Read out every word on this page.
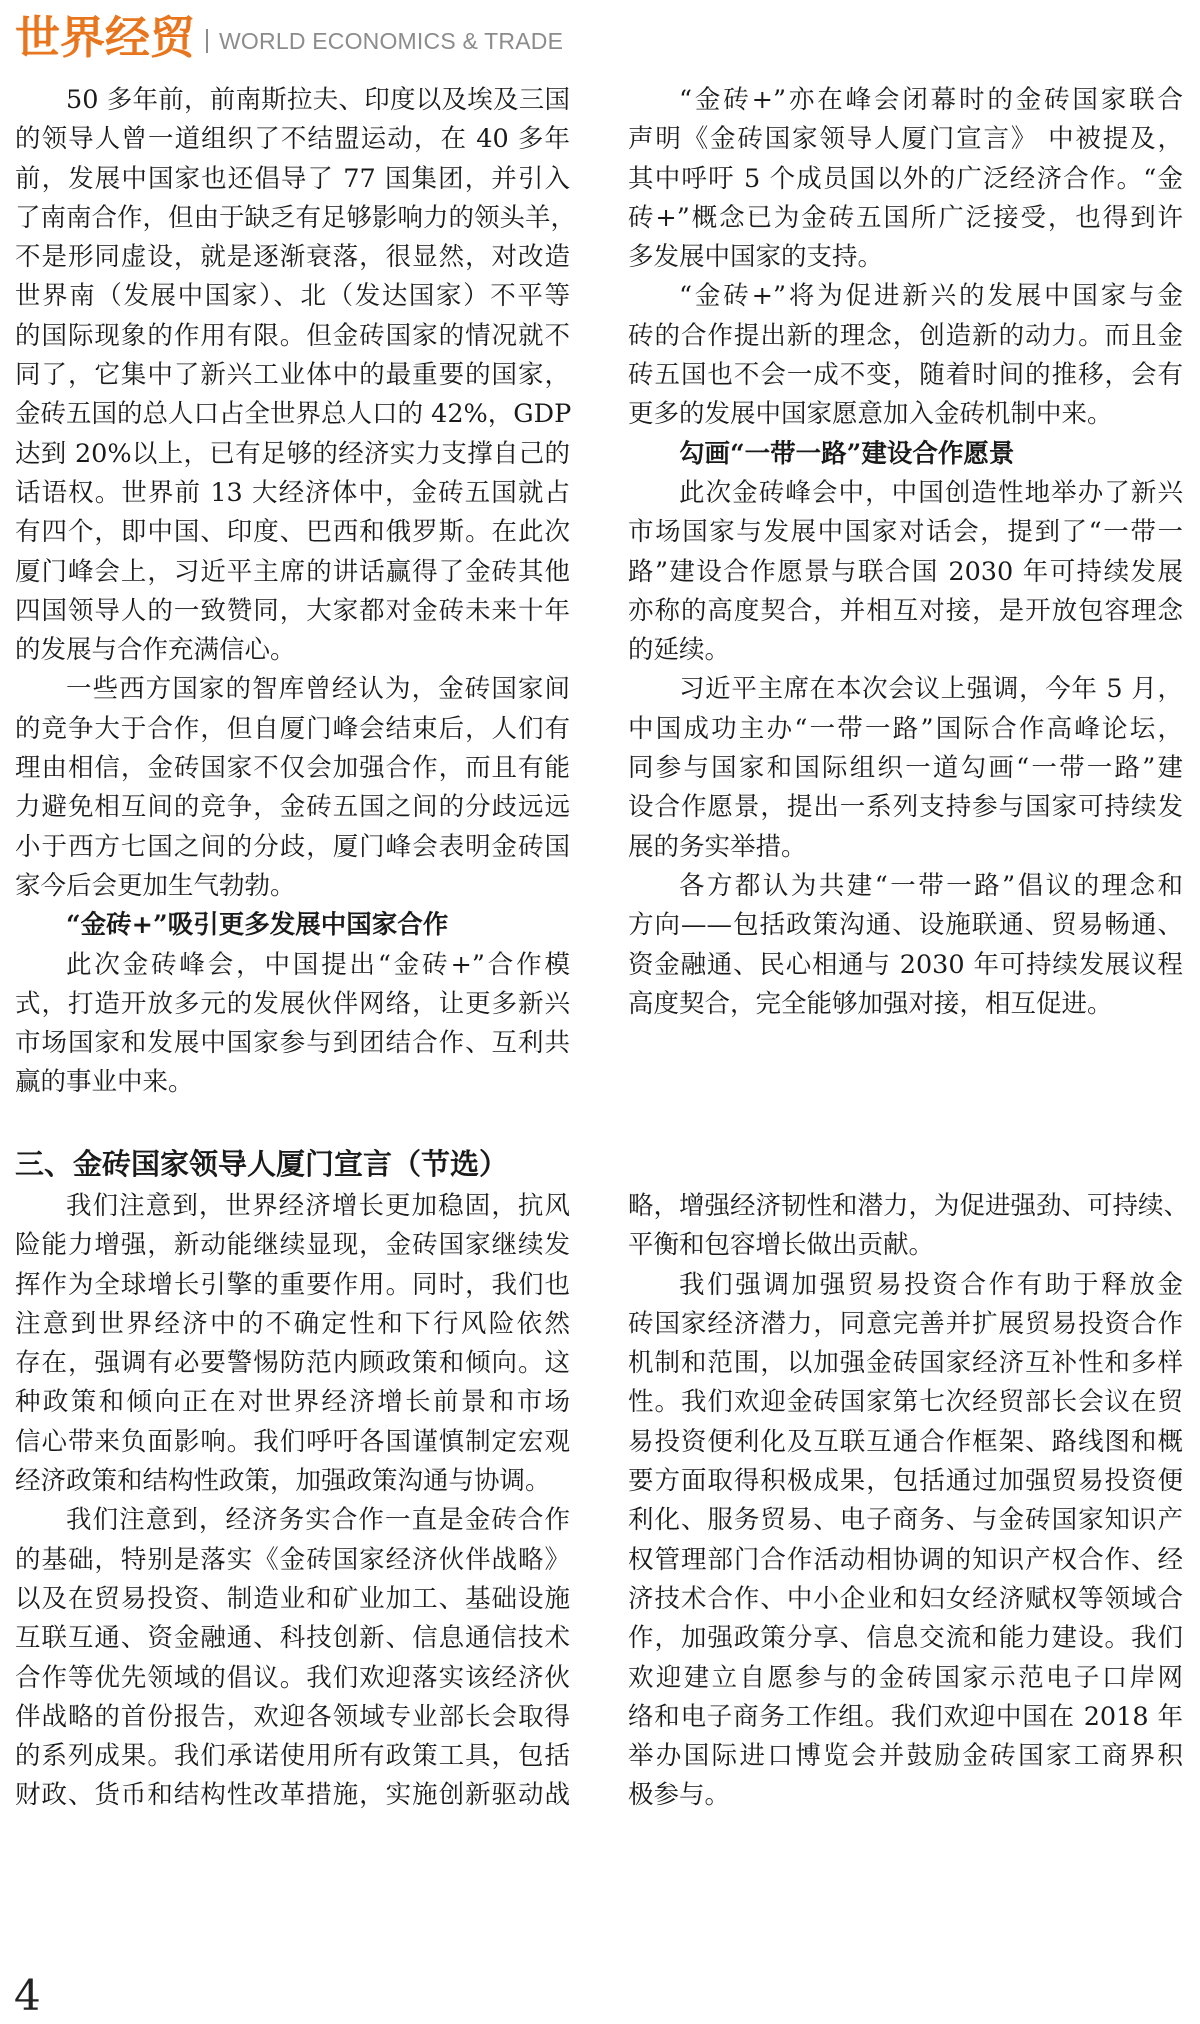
世界经贸 WORLD ECONOMICS & TRADE
50 多年前，前南斯拉夫、印度以及埃及三国
的领导人曾一道组织了不结盟运动，在 40 多年
前，发展中国家也还倡导了 77 国集团，并引入
了南南合作，但由于缺乏有足够影响力的领头羊，
不是形同虚设，就是逐渐衰落，很显然，对改造
世界南（发展中国家）、北（发达国家）不平等
的国际现象的作用有限。但金砖国家的情况就不
同了，它集中了新兴工业体中的最重要的国家，
金砖五国的总人口占全世界总人口的 42%，GDP
达到 20%以上，已有足够的经济实力支撑自己的
话语权。世界前 13 大经济体中，金砖五国就占
有四个，即中国、印度、巴西和俄罗斯。在此次
厦门峰会上，习近平主席的讲话赢得了金砖其他
四国领导人的一致赞同，大家都对金砖未来十年
的发展与合作充满信心。
一些西方国家的智库曾经认为，金砖国家间
的竞争大于合作，但自厦门峰会结束后，人们有
理由相信，金砖国家不仅会加强合作，而且有能
力避免相互间的竞争，金砖五国之间的分歧远远
小于西方七国之间的分歧，厦门峰会表明金砖国
家今后会更加生气勃勃。
“金砖+”吸引更多发展中国家合作
此次金砖峰会，中国提出“金砖+”合作模
式，打造开放多元的发展伙伴网络，让更多新兴
市场国家和发展中国家参与到团结合作、互利共
赢的事业中来。
“金砖+”亦在峰会闭幕时的金砖国家联合
声明《金砖国家领导人厦门宣言》 中被提及，
其中呼吁 5 个成员国以外的广泛经济合作。“金
砖+”概念已为金砖五国所广泛接受，也得到许
多发展中国家的支持。
“金砖+”将为促进新兴的发展中国家与金
砖的合作提出新的理念，创造新的动力。而且金
砖五国也不会一成不变，随着时间的推移，会有
更多的发展中国家愿意加入金砖机制中来。
勾画“一带一路”建设合作愿景
此次金砖峰会中，中国创造性地举办了新兴
市场国家与发展中国家对话会，提到了“一带一
路”建设合作愿景与联合国 2030 年可持续发展
亦称的高度契合，并相互对接，是开放包容理念
的延续。
习近平主席在本次会议上强调，今年 5 月，
中国成功主办“一带一路”国际合作高峰论坛，
同参与国家和国际组织一道勾画“一带一路”建
设合作愿景，提出一系列支持参与国家可持续发
展的务实举措。
各方都认为共建“一带一路”倡议的理念和
方向——包括政策沟通、设施联通、贸易畅通、
资金融通、民心相通与 2030 年可持续发展议程
高度契合，完全能够加强对接，相互促进。
三、金砖国家领导人厦门宣言（节选）
我们注意到，世界经济增长更加稳固，抗风
险能力增强，新动能继续显现，金砖国家继续发
挥作为全球增长引擎的重要作用。同时，我们也
注意到世界经济中的不确定性和下行风险依然
存在，强调有必要警惕防范内顾政策和倾向。这
种政策和倾向正在对世界经济增长前景和市场
信心带来负面影响。我们呼吁各国谨慎制定宏观
经济政策和结构性政策，加强政策沟通与协调。
我们注意到，经济务实合作一直是金砖合作
的基础，特别是落实《金砖国家经济伙伴战略》
以及在贸易投资、制造业和矿业加工、基础设施
互联互通、资金融通、科技创新、信息通信技术
合作等优先领域的倡议。我们欢迎落实该经济伙
伴战略的首份报告，欢迎各领域专业部长会取得
的系列成果。我们承诺使用所有政策工具，包括
财政、货币和结构性改革措施，实施创新驱动战
略，增强经济韧性和潜力，为促进强劲、可持续、
平衡和包容增长做出贡献。
我们强调加强贸易投资合作有助于释放金
砖国家经济潜力，同意完善并扩展贸易投资合作
机制和范围，以加强金砖国家经济互补性和多样
性。我们欢迎金砖国家第七次经贸部长会议在贸
易投资便利化及互联互通合作框架、路线图和概
要方面取得积极成果，包括通过加强贸易投资便
利化、服务贸易、电子商务、与金砖国家知识产
权管理部门合作活动相协调的知识产权合作、经
济技术合作、中小企业和妇女经济赋权等领域合
作，加强政策分享、信息交流和能力建设。我们
欢迎建立自愿参与的金砖国家示范电子口岸网
络和电子商务工作组。我们欢迎中国在 2018 年
举办国际进口博览会并鼓励金砖国家工商界积
极参与。
4
